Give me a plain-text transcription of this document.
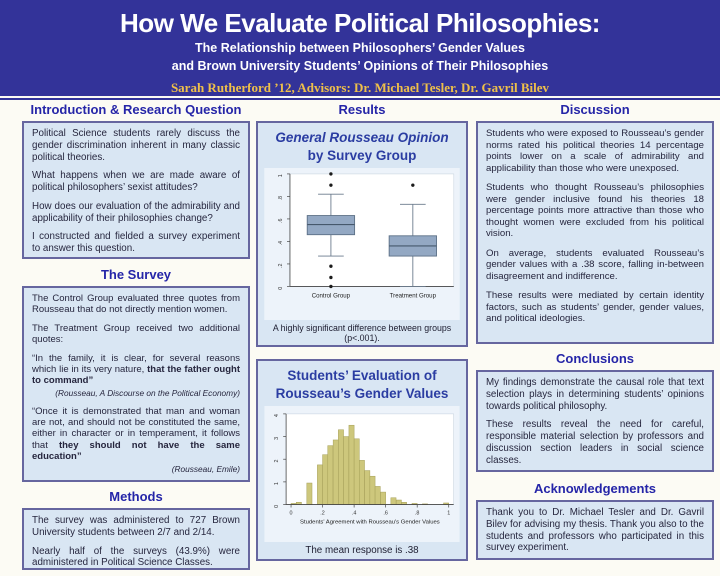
How We Evaluate Political Philosophies:
The Relationship between Philosophers’ Gender Values
and Brown University Students’ Opinions of Their Philosophies
Sarah Rutherford ’12, Advisors: Dr. Michael Tesler, Dr. Gavril Bilev
Introduction & Research Question

Political Science students rarely discuss the gender discrimination inherent in many classic political theories.

What happens when we are made aware of political philosophers’ sexist attitudes?

How does our evaluation of the admirability and applicability of their philosophies change?

I constructed and fielded a survey experiment to answer this question.

The Survey

The Control Group evaluated three quotes from Rousseau that do not directly mention women.

The Treatment Group received two additional quotes:

“In the family, it is clear, for several reasons which lie in its very nature, that the father ought to command”

(Rousseau, A Discourse on the Political Economy)

“Once it is demonstrated that man and woman are not, and should not be constituted the same, either in character or in temperament, it follows that they should not have the same education”

(Rousseau, Emile)

Methods

The survey was administered to 727 Brown University students between 2/7 and 2/14.

Nearly half of the surveys (43.9%) were administered in Political Science Classes.

Results
General Rousseau Opinion
by Survey Group
0
.2
.4
.6
.8
1
Control Group	Treatment Group
A highly significant difference between groups (p<.001).
Students’ Evaluation of
Rousseau’s Gender Values
0
1
2
3
4
0	.2	.4	.6	.8	1
Students' Agreement with Rousseau's Gender Values
The mean response is .38
Discussion

Students who were exposed to Rousseau’s gender norms rated his political theories 14 percentage points lower on a scale of admirability and applicability than those who were unexposed.

Students who thought Rousseau’s philosophies were gender inclusive found his theories 18 percentage points more attractive than those who thought women were excluded from his political vision.

On average, students evaluated Rousseau’s gender values with a .38 score, falling in-between disagreement and indifference.

These results were mediated by certain identity factors, such as students’ gender, gender values, and political ideologies.

Conclusions

My findings demonstrate the causal role that text selection plays in determining students’ opinions towards political philosophy.

These results reveal the need for careful, responsible material selection by professors and discussion section leaders in social science classes.

Acknowledgements

Thank you to Dr. Michael Tesler and Dr. Gavril Bilev for advising my thesis. Thank you also to the students and professors who participated in this survey experiment.
